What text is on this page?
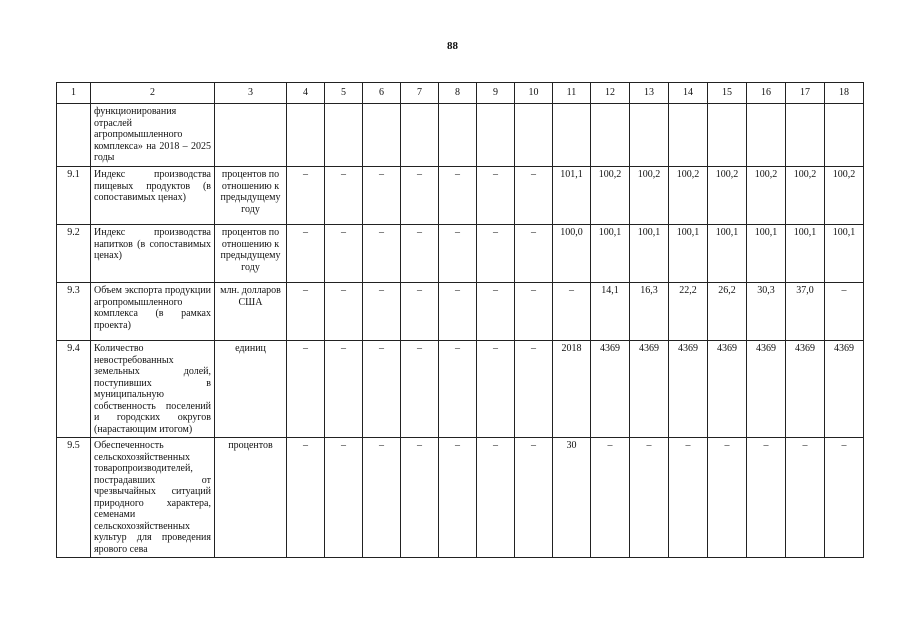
88
1	2	3	4	5	6	7	8	9	10	11	12	13	14	15	16	17	18
	функционирования отраслей агропромышленного комплекса» на 2018 – 2025 годы																
9.1	Индекс производства пищевых продуктов (в сопоставимых ценах)	процентов по отношению к предыдущему году	–	–	–	–	–	–	–	101,1	100,2	100,2	100,2	100,2	100,2	100,2	100,2
9.2	Индекс производства напитков (в сопоставимых ценах)	процентов по отношению к предыдущему году	–	–	–	–	–	–	–	100,0	100,1	100,1	100,1	100,1	100,1	100,1	100,1
9.3	Объем экспорта продукции агропромышленного комплекса (в рамках проекта)	млн. долларов США	–	–	–	–	–	–	–	–	14,1	16,3	22,2	26,2	30,3	37,0	–
9.4	Количество невостребованных земельных долей, поступивших в муниципальную собственность поселений и городских округов (нарастающим итогом)	единиц	–	–	–	–	–	–	–	2018	4369	4369	4369	4369	4369	4369	4369
9.5	Обеспеченность сельскохозяйственных товаропроизводителей, пострадавших от чрезвычайных ситуаций природного характера, семенами сельскохозяйственных культур для проведения ярового сева	процентов	–	–	–	–	–	–	–	30	–	–	–	–	–	–	–
